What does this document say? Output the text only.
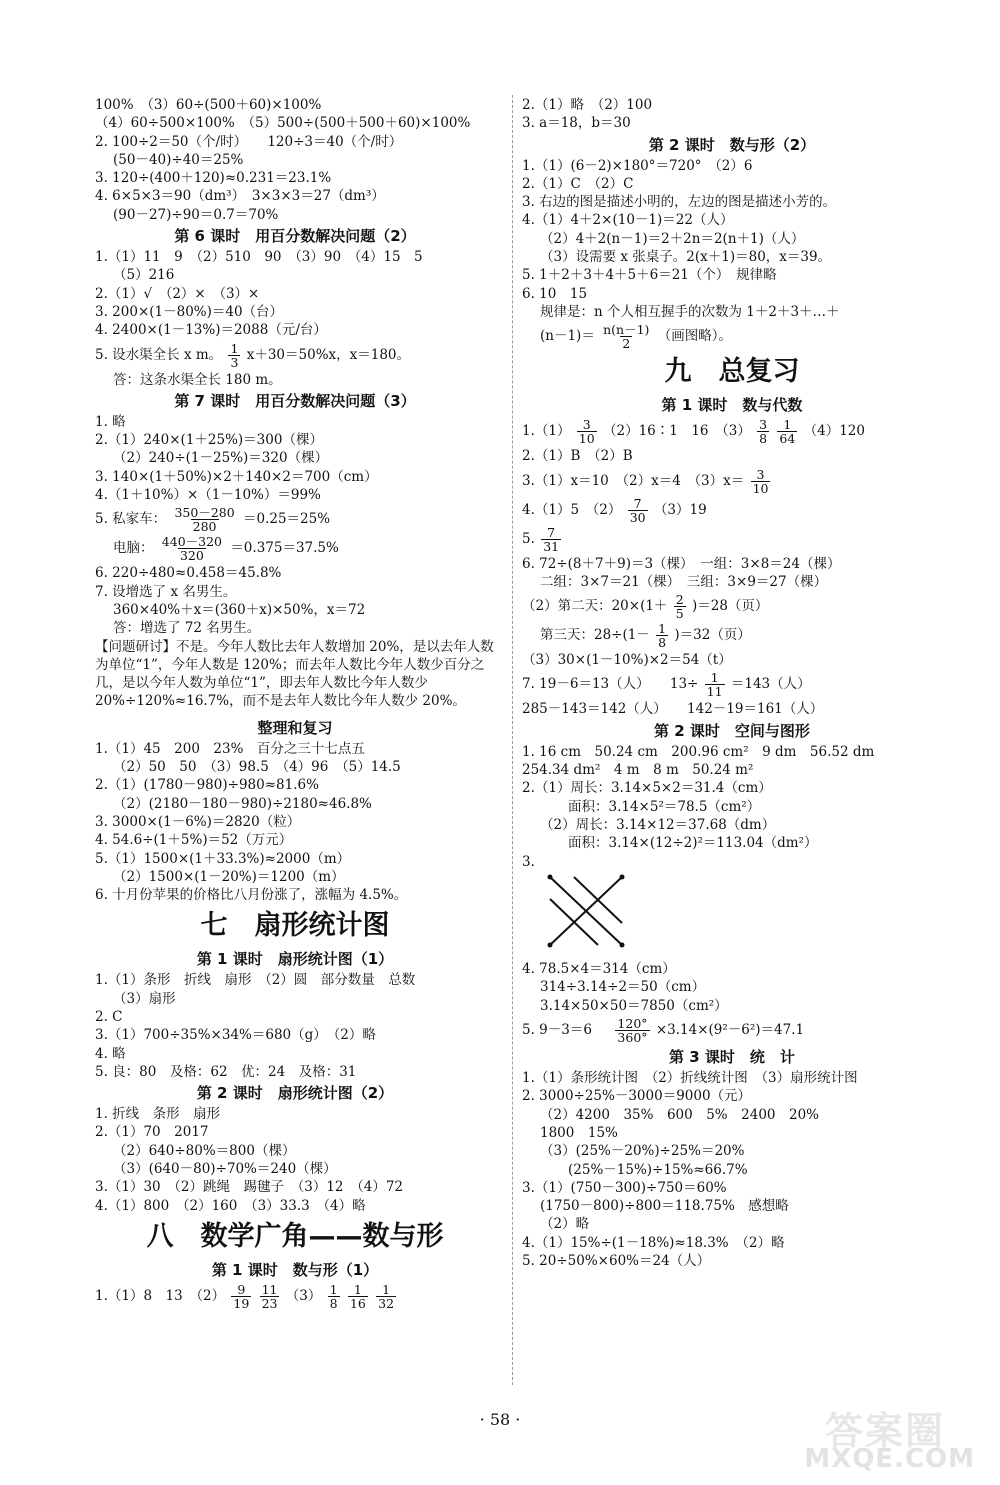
100%　（3）60÷(500＋60)×100%
（4）60÷500×100%　（5）500÷(500＋500＋60)×100%
2. 100÷2＝50（个/时）　　120÷3＝40（个/时）
(50－40)÷40＝25%
3. 120÷(400＋120)≈0.231＝23.1%
4. 6×5×3＝90（dm³）　3×3×3＝27（dm³）
(90－27)÷90＝0.7＝70%
第 6 课时　用百分数解决问题（2）
1.（1）11　9　（2）510　90　（3）90　（4）15　5
（5）216
2.（1）√　（2）×　（3）×
3. 200×(1－80%)＝40（台）
4. 2400×(1－13%)＝2088（元/台）
5. 设水渠全长 x m。 $\frac{1}{3} x+30=50\%x$，x＝180。
答：这条水渠全长 180 m。
第 7 课时　用百分数解决问题（3）
1. 略
2.（1）240×(1＋25%)＝300（棵）
（2）240÷(1－25%)＝320（棵）
3. 140×(1＋50%)×2＋140×2＝700（cm）
4.（1＋10%）×（1－10%）＝99%
5. 私家车： $\frac{350-280}{280} =0.25=25\%$
电脑： $\frac{440-320}{320} =0.375=37.5\%$
6. 220÷480≈0.458＝45.8%
7. 设增选了 x 名男生。
360×40%＋x＝(360＋x)×50%，x＝72
答：增选了 72 名男生。
【问题研讨】不是。今年人数比去年人数增加 20%，是以去年人数为单位“1”，今年人数是 120%；而去年人数比今年人数少百分之几，是以今年人数为单位“1”，即去年人数比今年人数少 20%÷120%≈16.7%，而不是去年人数比今年人数少 20%。
整理和复习
1.（1）45　200　23%　百分之三十七点五
（2）50　50　（3）98.5　（4）96　（5）14.5
2.（1）(1780－980)÷980≈81.6%
（2）(2180－180－980)÷2180≈46.8%
3. 3000×(1－6%)＝2820（粒）
4. 54.6÷(1＋5%)＝52（万元）
5.（1）1500×(1＋33.3%)≈2000（m）
（2）1500×(1－20%)＝1200（m）
6. 十月份苹果的价格比八月份涨了，涨幅为 4.5%。
七　扇形统计图
第 1 课时　扇形统计图（1）
1.（1）条形　折线　扇形　（2）圆　部分数量　总数
（3）扇形
2. C
3.（1）700÷35%×34%＝680（g）　（2）略
4. 略
5. 良：80　及格：62　优：24　及格：31
第 2 课时　扇形统计图（2）
1. 折线　条形　扇形
2.（1）70　2017
（2）640÷80%＝800（棵）
（3）(640－80)÷70%＝240（棵）
3.（1）30　（2）跳绳　踢毽子　（3）12　（4）72
4.（1）800　（2）160　（3）33.3　（4）略
八　数学广角——数与形
第 1 课时　数与形（1）
1.（1）8　13　$(2) \frac{9}{19}$
$\frac{11}{23} (3) \frac{1}{8}$
$\frac{1}{16}$
$\frac{1}{32}$
2.（1）略　（2）100
3. a＝18，b＝30
第 2 课时　数与形（2）
1.（1）(6－2)×180°＝720°　（2）6
2.（1）C　（2）C
3. 右边的图是描述小明的，左边的图是描述小芳的。
4.（1）4＋2×(10－1)＝22（人）
（2）4＋2(n－1)＝2＋2n＝2(n＋1)（人）
（3）设需要 x 张桌子。2(x＋1)＝80，x＝39。
5. 1＋2＋3＋4＋5＋6＝21（个）　规律略
6. 10　15
规律是：n 个人相互握手的次数为 1＋2＋3＋…＋
$(n-1)= \frac{n(n-1)}{2}$ （画图略）。
九　总复习
第 1 课时　数与代数
$1.(1) \frac{3}{10}$ （2）16∶1　16　$(3) \frac{3}{8}$
$\frac{1}{64} (4)120$
2.（1）B　（2）B
3.（1）x＝10　（2）x＝4　$(3)x= \frac{3}{10}$
4.（1）5　$(2) \frac{7}{30} (3)19$
5. $\frac{7}{31}$
6. 72÷(8＋7＋9)＝3（棵）　一组：3×8＝24（棵）
二组：3×7＝21（棵）　三组：3×9＝27（棵）
（2）第二天：$20\times(1+ \frac{2}{5} )=28$（页）
第三天：$28\div(1- \frac{1}{8} )=32$（页）
（3）30×(1－10%)×2＝54（t）
7. 19－6＝13（人）　　$13\div \frac{1}{11} =143$（人）
285－143＝142（人）　　142－19＝161（人）
第 2 课时　空间与图形
1. 16 cm　50.24 cm　200.96 cm²　9 dm　56.52 dm
254.34 dm²　4 m　8 m　50.24 m²
2.（1）周长：3.14×5×2＝31.4（cm）
面积：3.14×5²＝78.5（cm²）
（2）周长：3.14×12＝37.68（dm）
面积：3.14×(12÷2)²＝113.04（dm²）
3.
4. 78.5×4＝314（cm）
314÷3.14÷2＝50（cm）
3.14×50×50＝7850（cm²）
5. $9-3=6 \frac{120^\circ}{360^\circ} \times 3.14\times(9^2-6^2)=47.1$
第 3 课时　统　计
1.（1）条形统计图　（2）折线统计图　（3）扇形统计图
2. 3000÷25%－3000＝9000（元）
（2）4200　35%　600　5%　2400　20%
1800　15%
（3）(25%－20%)÷25%＝20%
(25%－15%)÷15%≈66.7%
3.（1）(750－300)÷750＝60%
(1750－800)÷800＝118.75%　感想略
（2）略
4.（1）15%÷(1－18%)≈18.3%　（2）略
5. 20÷50%×60%＝24（人）
· 58 ·	答案圈
MXQE.COM
